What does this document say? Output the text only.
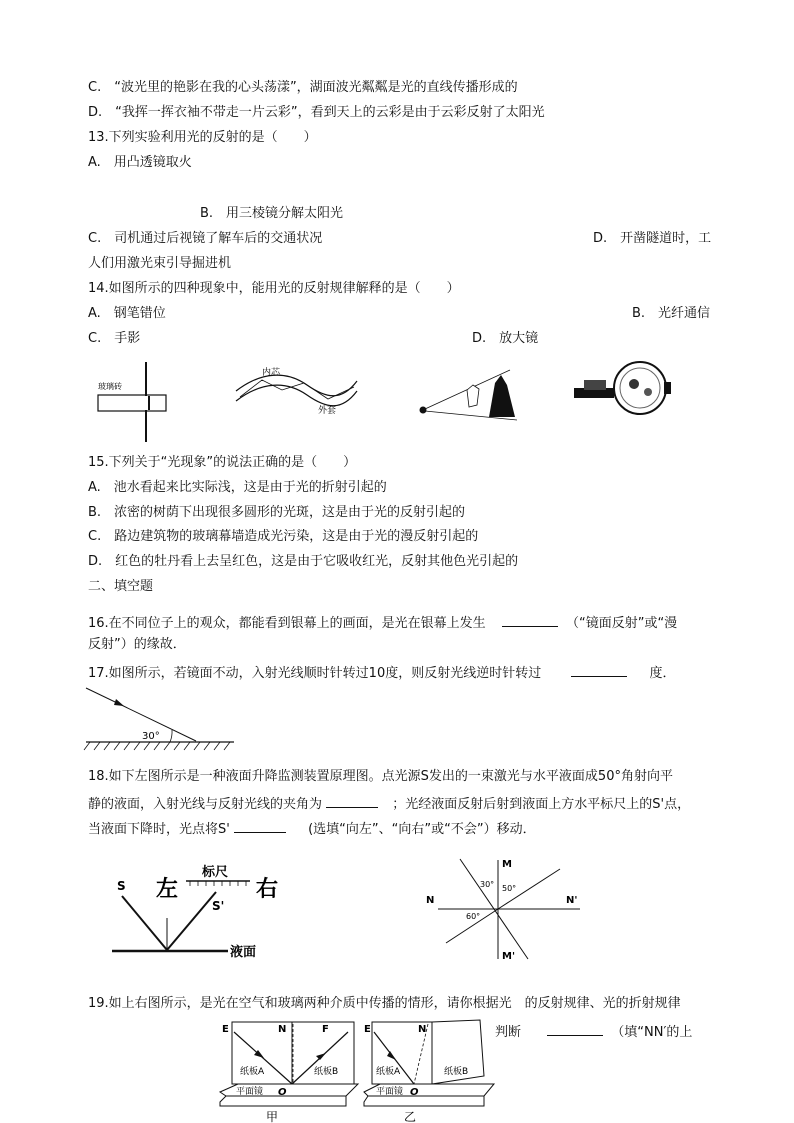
C.　“波光里的艳影在我的心头荡漾”，湖面波光粼粼是光的直线传播形成的
D.　“我挥一挥衣袖不带走一片云彩”，看到天上的云彩是由于云彩反射了太阳光
13.下列实验利用光的反射的是（　　）
A.　用凸透镜取火
B.　用三棱镜分解太阳光
C.　司机通过后视镜了解车后的交通状况	D.　开凿隧道时，工
人们用激光束引导掘进机
14.如图所示的四种现象中，能用光的反射规律解释的是（　　）
A.　钢笔错位	B.　光纤通信
C.　手影	D.　放大镜
玻璃砖
内芯
外套
15.下列关于“光现象”的说法正确的是（　　）
A.　池水看起来比实际浅，这是由于光的折射引起的
B.　浓密的树荫下出现很多圆形的光斑，这是由于光的反射引起的
C.　路边建筑物的玻璃幕墙造成光污染，这是由于光的漫反射引起的
D.　红色的牡丹看上去呈红色，这是由于它吸收红光，反射其他色光引起的
二、填空题
16.在不同位子上的观众，都能看到银幕上的画面，是光在银幕上发生	（“镜面反射”或“漫
反射”）的缘故．
17.如图所示，若镜面不动，入射光线顺时针转过10度，则反射光线逆时针转过	度．
30°
18.如下左图所示是一种液面升降监测装置原理图。点光源S发出的一束激光与水平液面成50°角射向平
静的液面，入射光线与反射光线的夹角为	；光经液面反射后射到液面上方水平标尺上的S'点，
当液面下降时，光点将S'	(选填“向左”、“向右”或“不会”）移动．
S 左
标尺
右
S'
液面
M
M'
N	N'
30° 50°
60°
19.如上右图所示，是光在空气和玻璃两种介质中传播的情形，请你根据光　的反射规律、光的折射规律
判断	（填“NN′的上
E	N	F
纸板A	纸板B
平面镜 O
甲
E	N
纸板A	纸板B
平面镜 O
乙
